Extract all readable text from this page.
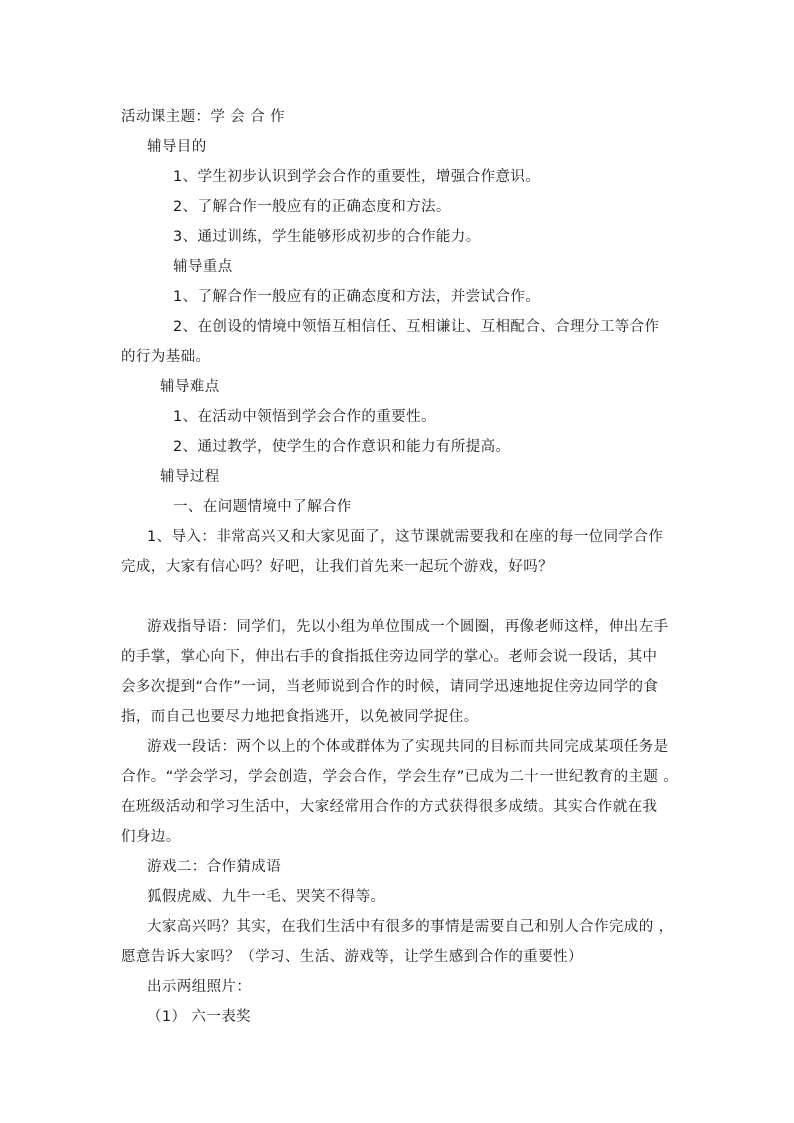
活动课主题：学 会 合 作
辅导目的
1、学生初步认识到学会合作的重要性，增强合作意识。
2、了解合作一般应有的正确态度和方法。
3、通过训练，学生能够形成初步的合作能力。
辅导重点
1、了解合作一般应有的正确态度和方法，并尝试合作。
2、在创设的情境中领悟互相信任、互相谦让、互相配合、合理分工等合作
的行为基础。
辅导难点
1、在活动中领悟到学会合作的重要性。
2、通过教学，使学生的合作意识和能力有所提高。
辅导过程
一、在问题情境中了解合作
1、导入：非常高兴又和大家见面了，这节课就需要我和在座的每一位同学合作
完成，大家有信心吗？好吧，让我们首先来一起玩个游戏，好吗？
游戏指导语：同学们，先以小组为单位围成一个圆圈，再像老师这样，伸出左手
的手掌，掌心向下，伸出右手的食指抵住旁边同学的掌心。老师会说一段话，其中
会多次提到“合作”一词，当老师说到合作的时候，请同学迅速地捉住旁边同学的食
指，而自己也要尽力地把食指逃开，以免被同学捉住。
游戏一段话：两个以上的个体或群体为了实现共同的目标而共同完成某项任务是
合作。“学会学习，学会创造，学会合作，学会生存”已成为二十一世纪教育的主题 。
在班级活动和学习生活中，大家经常用合作的方式获得很多成绩。其实合作就在我
们身边。
游戏二：合作猜成语
狐假虎威、九牛一毛、哭笑不得等。
大家高兴吗？其实，在我们生活中有很多的事情是需要自己和别人合作完成的 ，
愿意告诉大家吗？（学习、生活、游戏等，让学生感到合作的重要性）
出示两组照片：
（1） 六一表奖
